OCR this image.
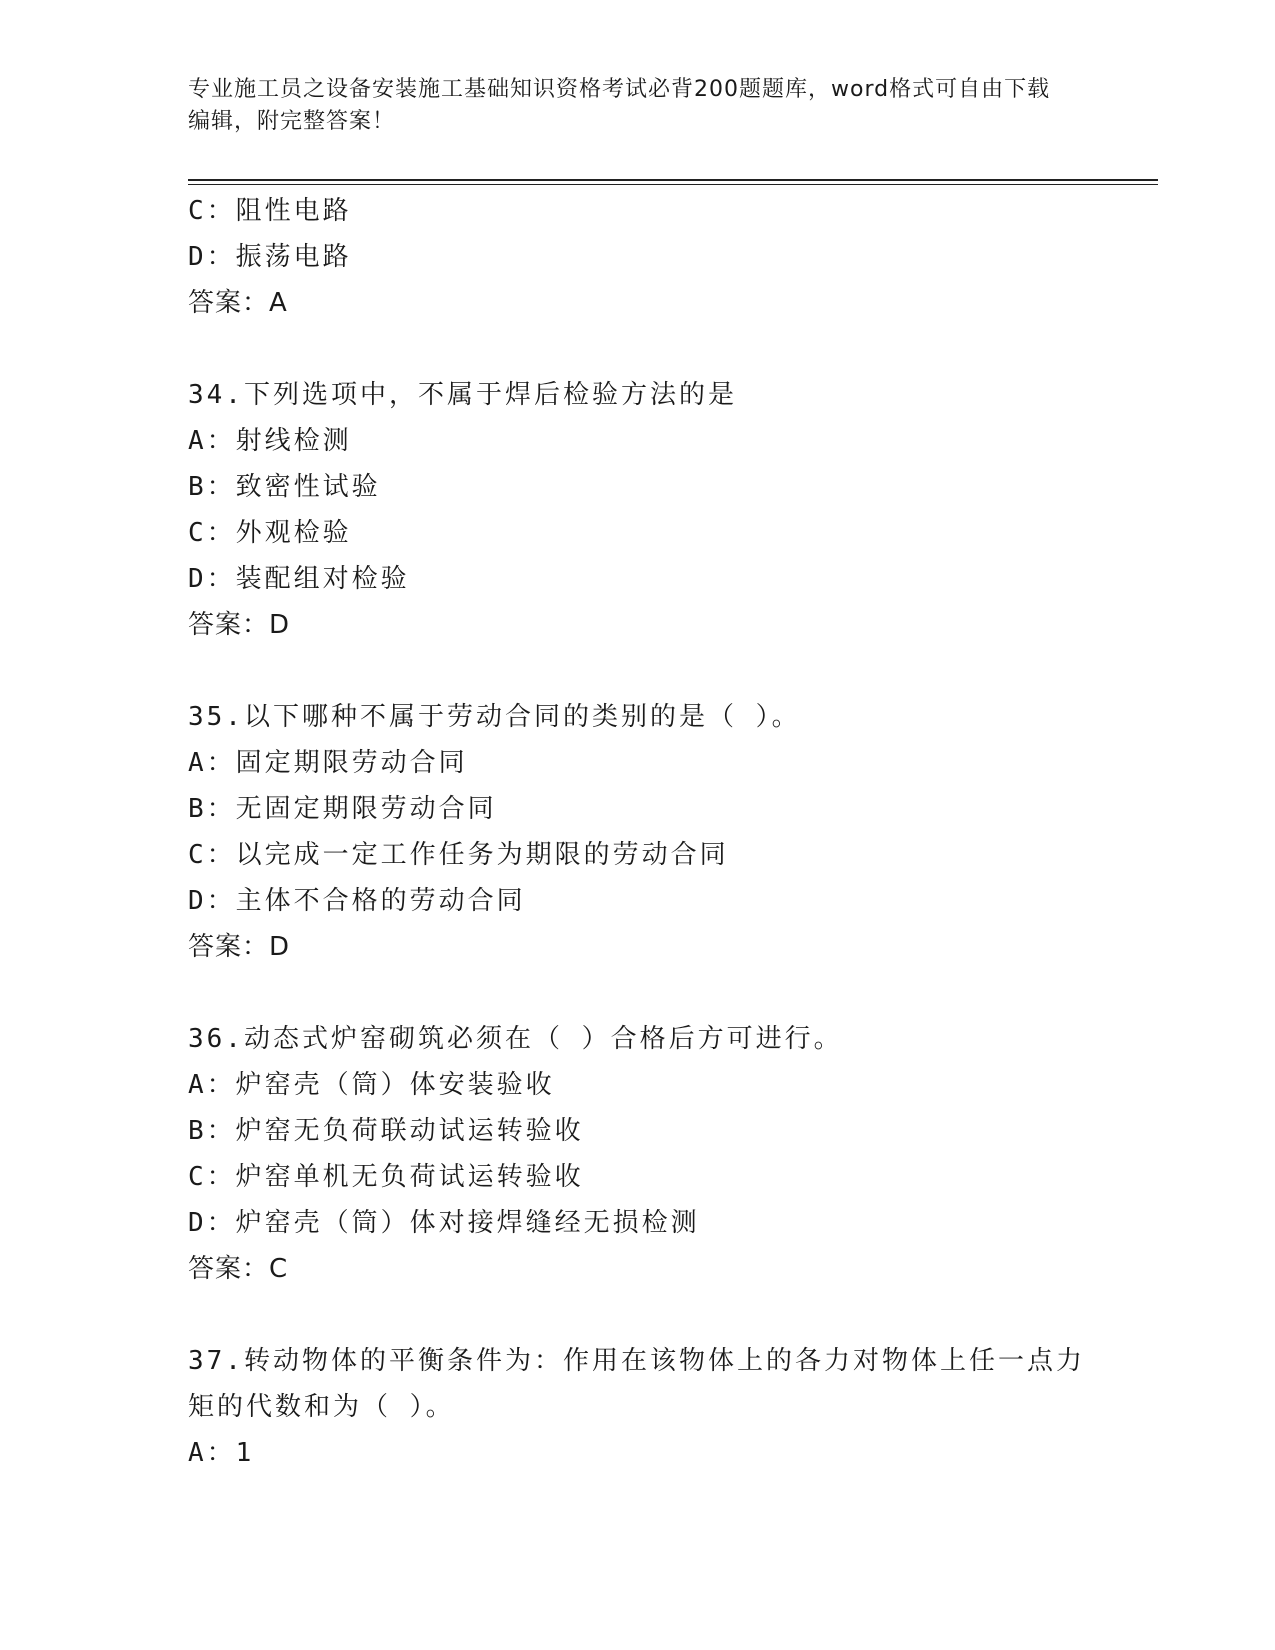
专业施工员之设备安装施工基础知识资格考试必背200题题库，word格式可自由下载编辑，附完整答案！
C：阻性电路
D：振荡电路
答案：A
34.下列选项中，不属于焊后检验方法的是
A：射线检测
B：致密性试验
C：外观检验
D：装配组对检验
答案：D
35.以下哪种不属于劳动合同的类别的是（ ）。
A：固定期限劳动合同
B：无固定期限劳动合同
C：以完成一定工作任务为期限的劳动合同
D：主体不合格的劳动合同
答案：D
36.动态式炉窑砌筑必须在（ ）合格后方可进行。
A：炉窑壳（筒）体安装验收
B：炉窑无负荷联动试运转验收
C：炉窑单机无负荷试运转验收
D：炉窑壳（筒）体对接焊缝经无损检测
答案：C
37.转动物体的平衡条件为：作用在该物体上的各力对物体上任一点力
矩的代数和为（ ）。
A：1
